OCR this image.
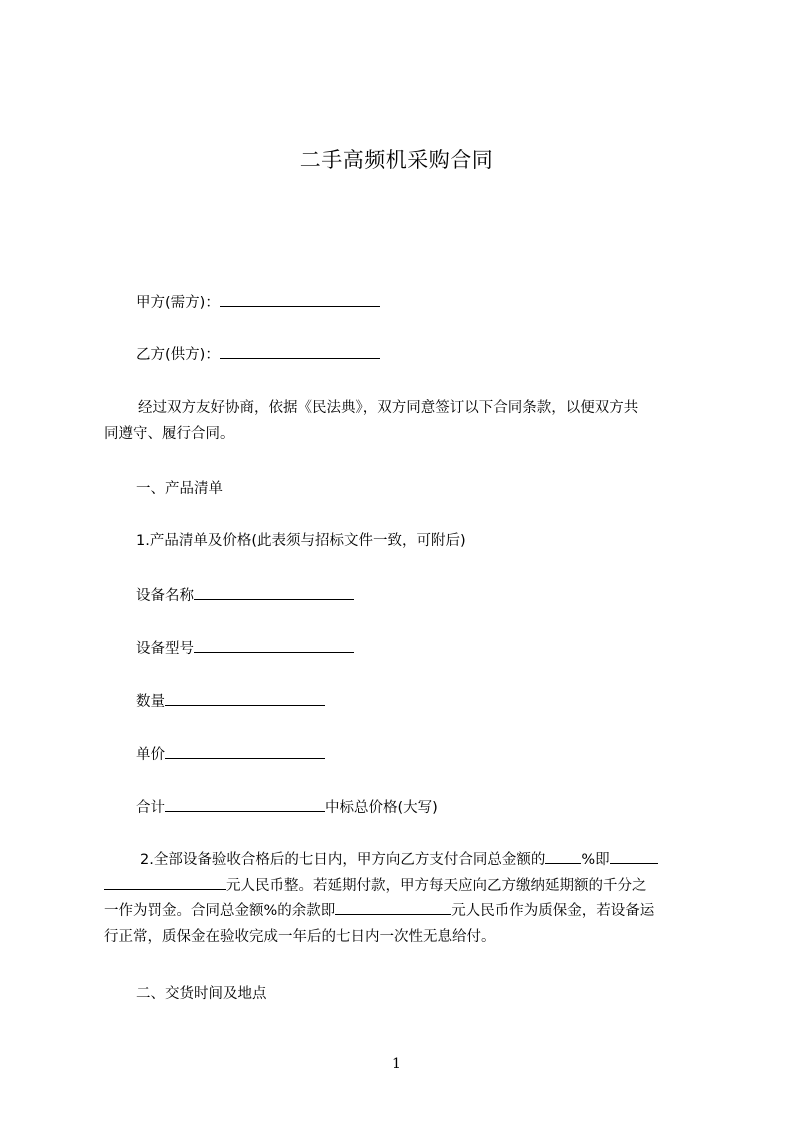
二手高频机采购合同
甲方(需方)：
乙方(供方)：

经过双方友好协商，依据《民法典》，双方同意签订以下合同条款，以便双方共

同遵守、履行合同。

一、产品清单
1.产品清单及价格(此表须与招标文件一致，可附后)
设备名称
设备型号
数量
单价
合计	中标总价格(大写)

2.全部设备验收合格后的七日内，甲方向乙方支付合同总金额的 %即

元人民币整。若延期付款，甲方每天应向乙方缴纳延期额的千分之

一作为罚金。合同总金额%的余款即	元人民币作为质保金，若设备运

行正常，质保金在验收完成一年后的七日内一次性无息给付。

二、交货时间及地点
1
